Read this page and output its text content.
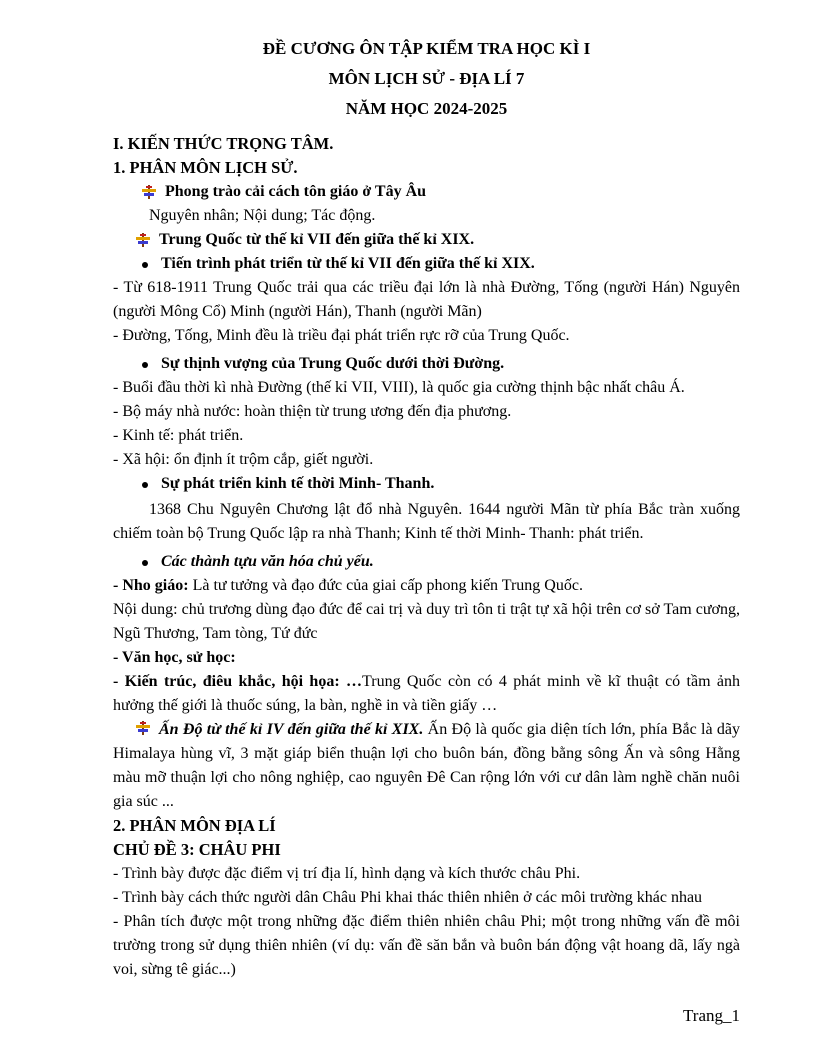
ĐỀ CƯƠNG ÔN TẬP KIỂM TRA HỌC KÌ I

MÔN LỊCH SỬ - ĐỊA LÍ 7

NĂM HỌC 2024-2025

I. KIẾN THỨC TRỌNG TÂM.

1. PHÂN MÔN LỊCH SỬ.

Phong trào cải cách tôn giáo ở Tây Âu

Nguyên nhân; Nội dung; Tác động.

Trung Quốc từ thế kỉ VII đến giữa thế kỉ XIX.
Tiến trình phát triển từ thế kỉ VII đến giữa thế kỉ XIX.

- Từ 618-1911 Trung Quốc trải qua các triều đại lớn là nhà Đường, Tống (người Hán) Nguyên (người Mông Cổ) Minh (người Hán), Thanh (người Mãn)

- Đường, Tống, Minh đều là triều đại phát triển rực rỡ của Trung Quốc.

Sự thịnh vượng của Trung Quốc dưới thời Đường.

- Buổi đầu thời kì nhà Đường (thế kỉ VII, VIII), là quốc gia cường thịnh bậc nhất châu Á.

- Bộ máy nhà nước: hoàn thiện từ trung ương đến địa phương.

- Kinh tế: phát triển.

- Xã hội: ổn định ít trộm cắp, giết người.

Sự phát triển kinh tế thời Minh- Thanh.

1368 Chu Nguyên Chương lật đổ nhà Nguyên. 1644 người Mãn từ phía Bắc tràn xuống chiếm toàn bộ Trung Quốc lập ra nhà Thanh; Kinh tế thời Minh- Thanh: phát triển.

Các thành tựu văn hóa chủ yếu.

- Nho giáo: Là tư tưởng và đạo đức của giai cấp phong kiến Trung Quốc.

Nội dung: chủ trương dùng đạo đức để cai trị và duy trì tôn ti trật tự xã hội trên cơ sở Tam cương, Ngũ Thương, Tam tòng, Tứ đức

- Văn học, sử học:

- Kiến trúc, điêu khắc, hội họa: …Trung Quốc còn có 4 phát minh về kĩ thuật có tầm ảnh hưởng thế giới là thuốc súng, la bàn, nghề in và tiền giấy …

Ấn Độ từ thế kỉ IV đến giữa thế kỉ XIX. Ấn Độ là quốc gia diện tích lớn, phía Bắc là dãy Himalaya hùng vĩ, 3 mặt giáp biển thuận lợi cho buôn bán, đồng bằng sông Ấn và sông Hằng màu mỡ thuận lợi cho nông nghiệp, cao nguyên Đê Can rộng lớn với cư dân làm nghề chăn nuôi gia súc ...

2. PHÂN MÔN ĐỊA LÍ

CHỦ ĐỀ 3: CHÂU PHI

- Trình bày được đặc điểm vị trí địa lí, hình dạng và kích thước châu Phi.

- Trình bày cách thức người dân Châu Phi khai thác thiên nhiên ở các môi trường khác nhau

- Phân tích được một trong những đặc điểm thiên nhiên châu Phi; một trong những vấn đề môi trường trong sử dụng thiên nhiên (ví dụ: vấn đề săn bắn và buôn bán động vật hoang dã, lấy ngà voi, sừng tê giác...)

Trang_1
